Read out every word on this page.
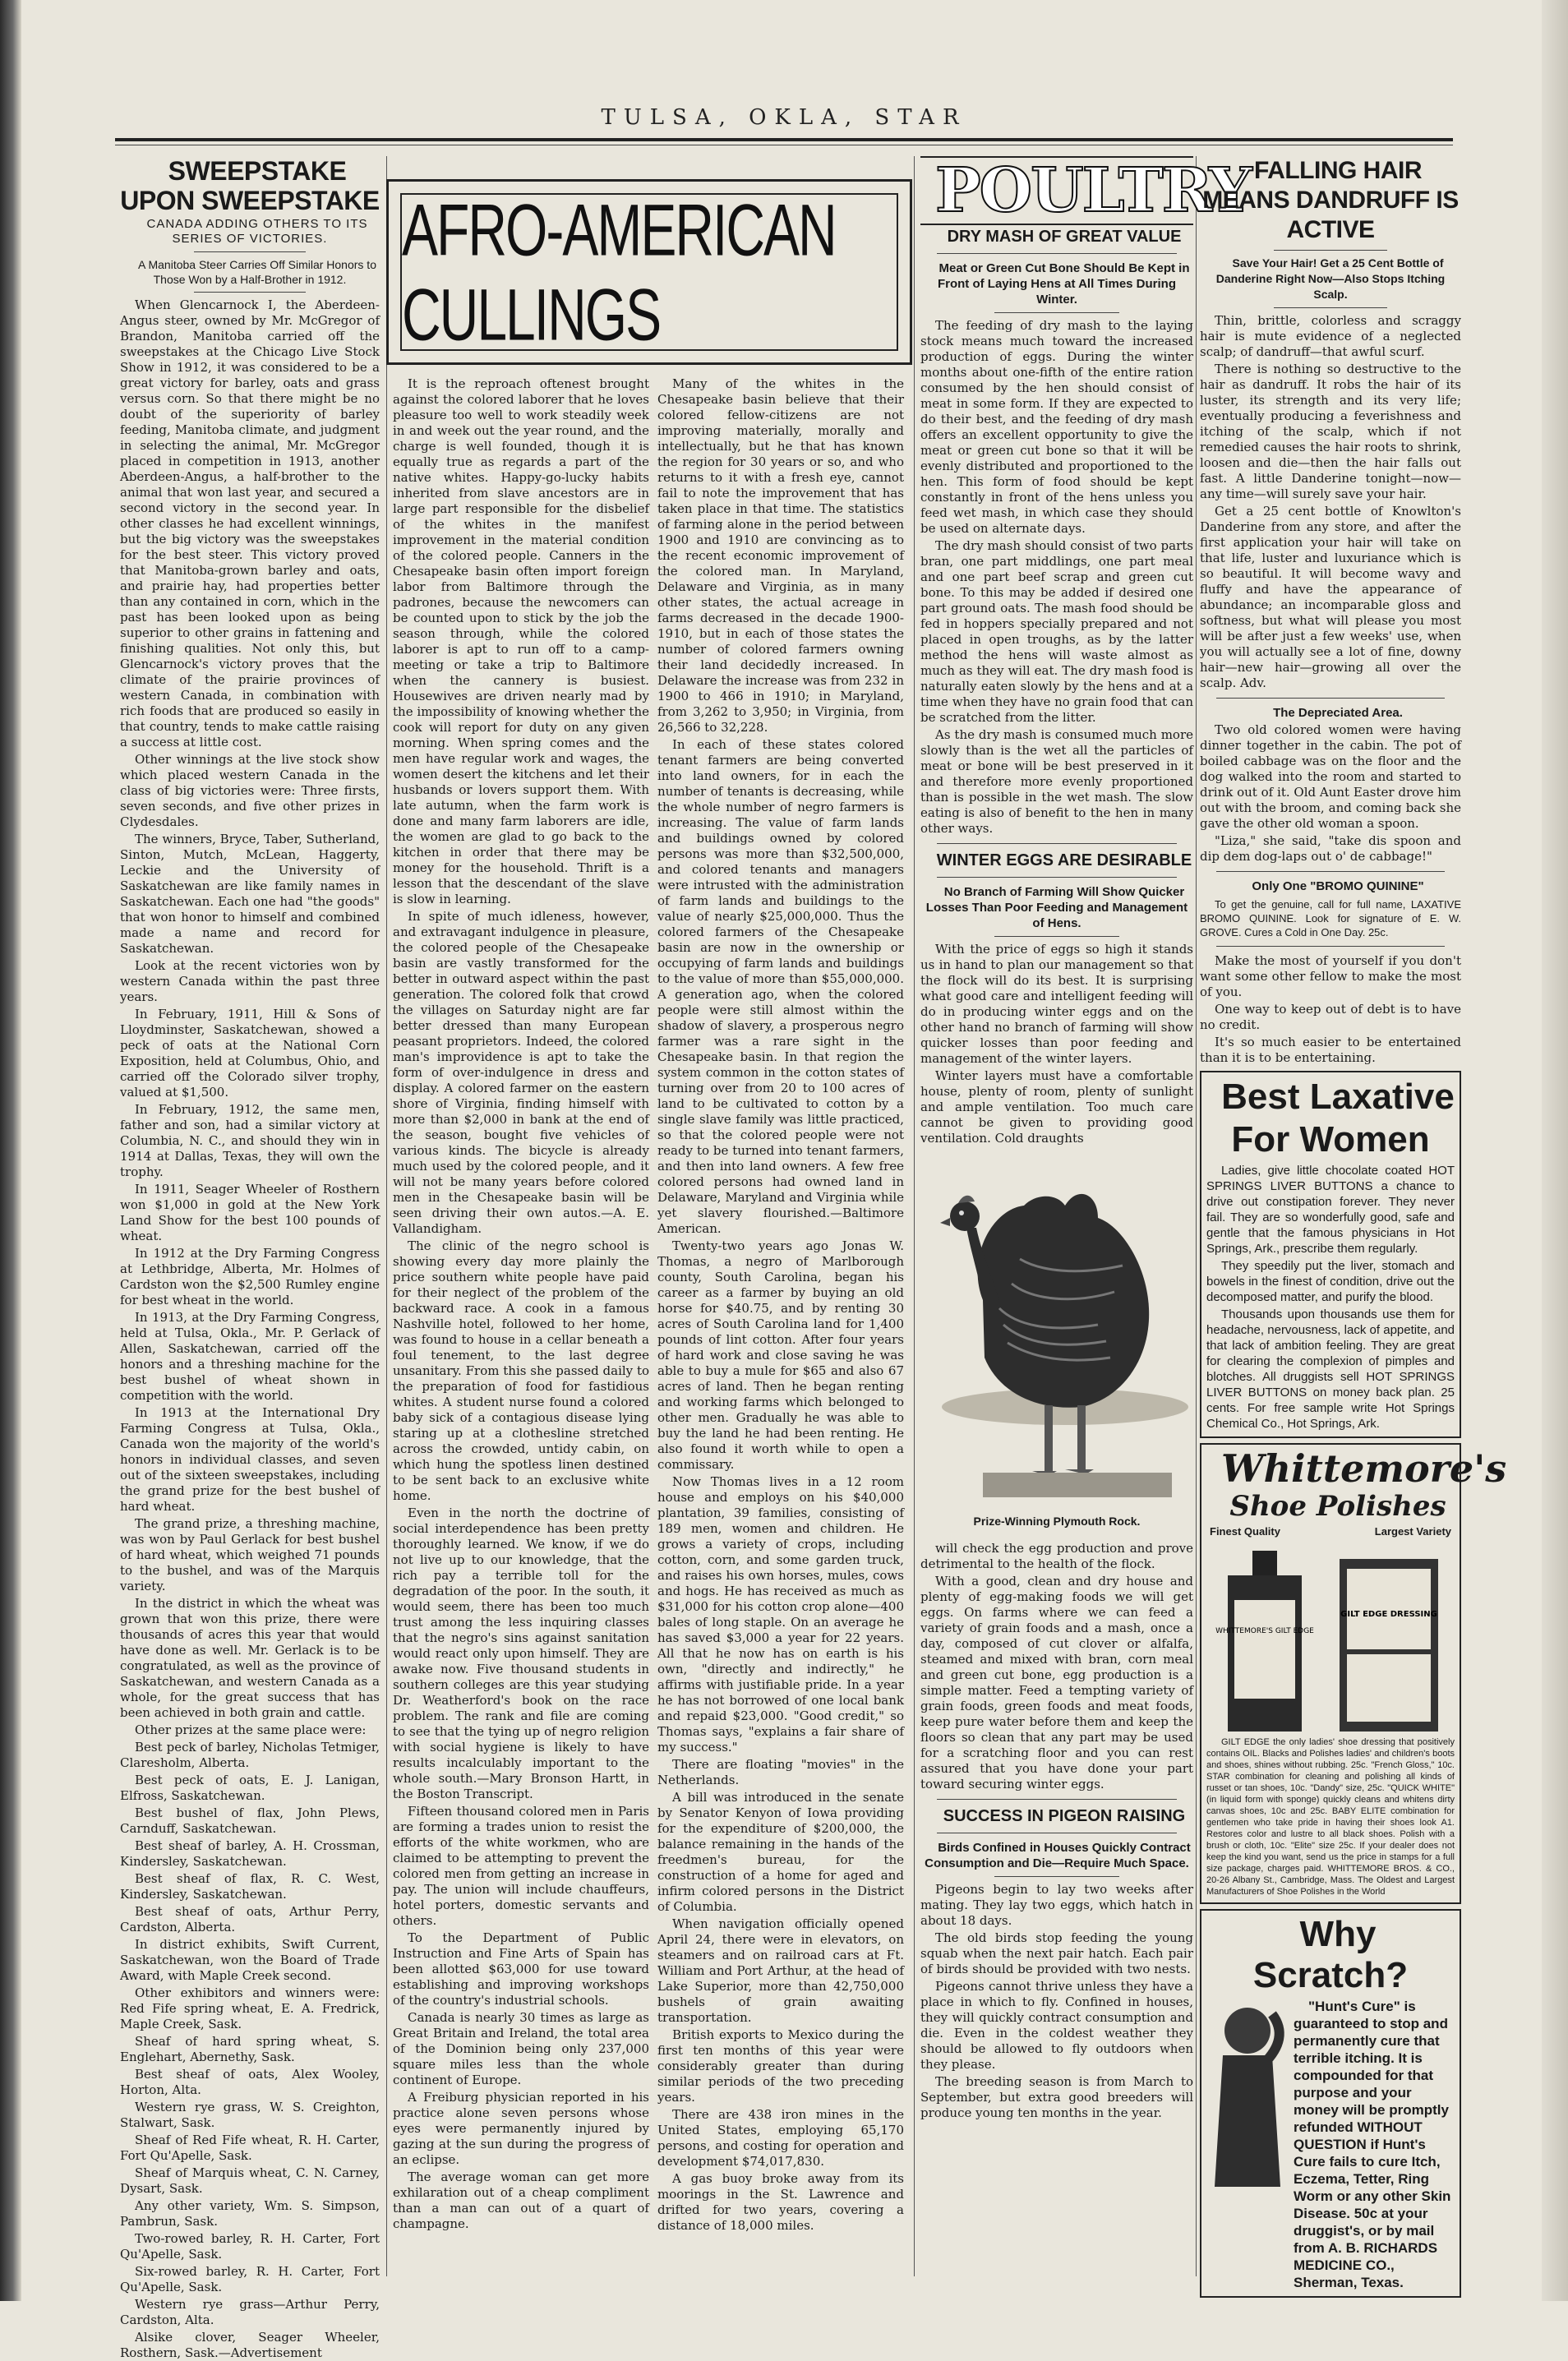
TULSA, OKLA, STAR

SWEEPSTAKE UPON SWEEPSTAKE

CANADA ADDING OTHERS TO ITS SERIES OF VICTORIES.

A Manitoba Steer Carries Off Similar Honors to Those Won by a Half-Brother in 1912.

When Glencarnock I, the Aberdeen-Angus steer, owned by Mr. McGregor of Brandon, Manitoba carried off the sweepstakes at the Chicago Live Stock Show in 1912, it was considered to be a great victory for barley, oats and grass versus corn. So that there might be no doubt of the superiority of barley feeding, Manitoba climate, and judgment in selecting the animal, Mr. McGregor placed in competition in 1913, another Aberdeen-Angus, a half-brother to the animal that won last year, and secured a second victory in the second year. In other classes he had excellent winnings, but the big victory was the sweepstakes for the best steer. This victory proved that Manitoba-grown barley and oats, and prairie hay, had properties better than any contained in corn, which in the past has been looked upon as being superior to other grains in fattening and finishing qualities. Not only this, but Glencarnock's victory proves that the climate of the prairie provinces of western Canada, in combination with rich foods that are produced so easily in that country, tends to make cattle raising a success at little cost.

Other winnings at the live stock show which placed western Canada in the class of big victories were: Three firsts, seven seconds, and five other prizes in Clydesdales.

The winners, Bryce, Taber, Sutherland, Sinton, Mutch, McLean, Haggerty, Leckie and the University of Saskatchewan are like family names in Saskatchewan. Each one had "the goods" that won honor to himself and combined made a name and record for Saskatchewan.

Look at the recent victories won by western Canada within the past three years.

In February, 1911, Hill & Sons of Lloydminster, Saskatchewan, showed a peck of oats at the National Corn Exposition, held at Columbus, Ohio, and carried off the Colorado silver trophy, valued at $1,500.

In February, 1912, the same men, father and son, had a similar victory at Columbia, N. C., and should they win in 1914 at Dallas, Texas, they will own the trophy.

In 1911, Seager Wheeler of Rosthern won $1,000 in gold at the New York Land Show for the best 100 pounds of wheat.

In 1912 at the Dry Farming Congress at Lethbridge, Alberta, Mr. Holmes of Cardston won the $2,500 Rumley engine for best wheat in the world.

In 1913, at the Dry Farming Congress, held at Tulsa, Okla., Mr. P. Gerlack of Allen, Saskatchewan, carried off the honors and a threshing machine for the best bushel of wheat shown in competition with the world.

In 1913 at the International Dry Farming Congress at Tulsa, Okla., Canada won the majority of the world's honors in individual classes, and seven out of the sixteen sweepstakes, including the grand prize for the best bushel of hard wheat.

The grand prize, a threshing machine, was won by Paul Gerlack for best bushel of hard wheat, which weighed 71 pounds to the bushel, and was of the Marquis variety.

In the district in which the wheat was grown that won this prize, there were thousands of acres this year that would have done as well. Mr. Gerlack is to be congratulated, as well as the province of Saskatchewan, and western Canada as a whole, for the great success that has been achieved in both grain and cattle.

Other prizes at the same place were:

Best peck of barley, Nicholas Tetmiger, Claresholm, Alberta.

Best peck of oats, E. J. Lanigan, Elfross, Saskatchewan.

Best bushel of flax, John Plews, Carnduff, Saskatchewan.

Best sheaf of barley, A. H. Crossman, Kindersley, Saskatchewan.

Best sheaf of flax, R. C. West, Kindersley, Saskatchewan.

Best sheaf of oats, Arthur Perry, Cardston, Alberta.

In district exhibits, Swift Current, Saskatchewan, won the Board of Trade Award, with Maple Creek second.

Other exhibitors and winners were: Red Fife spring wheat, E. A. Fredrick, Maple Creek, Sask.

Sheaf of hard spring wheat, S. Englehart, Abernethy, Sask.

Best sheaf of oats, Alex Wooley, Horton, Alta.

Western rye grass, W. S. Creighton, Stalwart, Sask.

Sheaf of Red Fife wheat, R. H. Carter, Fort Qu'Apelle, Sask.

Sheaf of Marquis wheat, C. N. Carney, Dysart, Sask.

Any other variety, Wm. S. Simpson, Pambrun, Sask.

Two-rowed barley, R. H. Carter, Fort Qu'Apelle, Sask.

Six-rowed barley, R. H. Carter, Fort Qu'Apelle, Sask.

Western rye grass—Arthur Perry, Cardston, Alta.

Alsike clover, Seager Wheeler, Rosthern, Sask.—Advertisement

AFRO-AMERICAN CULLINGS

It is the reproach oftenest brought against the colored laborer that he loves pleasure too well to work steadily week in and week out the year round, and the charge is well founded, though it is equally true as regards a part of the native whites. Happy-go-lucky habits inherited from slave ancestors are in large part responsible for the disbelief of the whites in the manifest improvement in the material condition of the colored people. Canners in the Chesapeake basin often import foreign labor from Baltimore through the padrones, because the newcomers can be counted upon to stick by the job the season through, while the colored laborer is apt to run off to a camp-meeting or take a trip to Baltimore when the cannery is busiest. Housewives are driven nearly mad by the impossibility of knowing whether the cook will report for duty on any given morning. When spring comes and the men have regular work and wages, the women desert the kitchens and let their husbands or lovers support them. With late autumn, when the farm work is done and many farm laborers are idle, the women are glad to go back to the kitchen in order that there may be money for the household. Thrift is a lesson that the descendant of the slave is slow in learning.

In spite of much idleness, however, and extravagant indulgence in pleasure, the colored people of the Chesapeake basin are vastly transformed for the better in outward aspect within the past generation. The colored folk that crowd the villages on Saturday night are far better dressed than many European peasant proprietors. Indeed, the colored man's improvidence is apt to take the form of over-indulgence in dress and display. A colored farmer on the eastern shore of Virginia, finding himself with more than $2,000 in bank at the end of the season, bought five vehicles of various kinds. The bicycle is already much used by the colored people, and it will not be many years before colored men in the Chesapeake basin will be seen driving their own autos.—A. E. Vallandigham.

The clinic of the negro school is showing every day more plainly the price southern white people have paid for their neglect of the problem of the backward race. A cook in a famous Nashville hotel, followed to her home, was found to house in a cellar beneath a foul tenement, to the last degree unsanitary. From this she passed daily to the preparation of food for fastidious whites. A student nurse found a colored baby sick of a contagious disease lying staring up at a clothesline stretched across the crowded, untidy cabin, on which hung the spotless linen destined to be sent back to an exclusive white home.

Even in the north the doctrine of social interdependence has been pretty thoroughly learned. We know, if we do not live up to our knowledge, that the rich pay a terrible toll for the degradation of the poor. In the south, it would seem, there has been too much trust among the less inquiring classes that the negro's sins against sanitation would react only upon himself. They are awake now. Five thousand students in southern colleges are this year studying Dr. Weatherford's book on the race problem. The rank and file are coming to see that the tying up of negro religion with social hygiene is likely to have results incalculably important to the whole south.—Mary Bronson Hartt, in the Boston Transcript.

Fifteen thousand colored men in Paris are forming a trades union to resist the efforts of the white workmen, who are claimed to be attempting to prevent the colored men from getting an increase in pay. The union will include chauffeurs, hotel porters, domestic servants and others.

To the Department of Public Instruction and Fine Arts of Spain has been allotted $63,000 for use toward establishing and improving workshops of the country's industrial schools.

Canada is nearly 30 times as large as Great Britain and Ireland, the total area of the Dominion being only 237,000 square miles less than the whole continent of Europe.

A Freiburg physician reported in his practice alone seven persons whose eyes were permanently injured by gazing at the sun during the progress of an eclipse.

The average woman can get more exhilaration out of a cheap compliment than a man can out of a quart of champagne.

Many of the whites in the Chesapeake basin believe that their colored fellow-citizens are not improving materially, morally and intellectually, but he that has known the region for 30 years or so, and who returns to it with a fresh eye, cannot fail to note the improvement that has taken place in that time. The statistics of farming alone in the period between 1900 and 1910 are convincing as to the recent economic improvement of the colored man. In Maryland, Delaware and Virginia, as in many other states, the actual acreage in farms decreased in the decade 1900-1910, but in each of those states the number of colored farmers owning their land decidedly increased. In Delaware the increase was from 232 in 1900 to 466 in 1910; in Maryland, from 3,262 to 3,950; in Virginia, from 26,566 to 32,228.

In each of these states colored tenant farmers are being converted into land owners, for in each the number of tenants is decreasing, while the whole number of negro farmers is increasing. The value of farm lands and buildings owned by colored persons was more than $32,500,000, and colored tenants and managers were intrusted with the administration of farm lands and buildings to the value of nearly $25,000,000. Thus the colored farmers of the Chesapeake basin are now in the ownership or occupying of farm lands and buildings to the value of more than $55,000,000. A generation ago, when the colored people were still almost within the shadow of slavery, a prosperous negro farmer was a rare sight in the Chesapeake basin. In that region the system common in the cotton states of turning over from 20 to 100 acres of land to be cultivated to cotton by a single slave family was little practiced, so that the colored people were not ready to be turned into tenant farmers, and then into land owners. A few free colored persons had owned land in Delaware, Maryland and Virginia while yet slavery flourished.—Baltimore American.

Twenty-two years ago Jonas W. Thomas, a negro of Marlborough county, South Carolina, began his career as a farmer by buying an old horse for $40.75, and by renting 30 acres of South Carolina land for 1,400 pounds of lint cotton. After four years of hard work and close saving he was able to buy a mule for $65 and also 67 acres of land. Then he began renting and working farms which belonged to other men. Gradually he was able to buy the land he had been renting. He also found it worth while to open a commissary.

Now Thomas lives in a 12 room house and employs on his $40,000 plantation, 39 families, consisting of 189 men, women and children. He grows a variety of crops, including cotton, corn, and some garden truck, and raises his own horses, mules, cows and hogs. He has received as much as $31,000 for his cotton crop alone—400 bales of long staple. On an average he has saved $3,000 a year for 22 years. All that he now has on earth is his own, "directly and indirectly," he affirms with justifiable pride. In a year he has not borrowed of one local bank and repaid $23,000. "Good credit," so Thomas says, "explains a fair share of my success."

There are floating "movies" in the Netherlands.

A bill was introduced in the senate by Senator Kenyon of Iowa providing for the expenditure of $200,000, the balance remaining in the hands of the freedmen's bureau, for the construction of a home for aged and infirm colored persons in the District of Columbia.

When navigation officially opened April 24, there were in elevators, on steamers and on railroad cars at Ft. William and Port Arthur, at the head of Lake Superior, more than 42,750,000 bushels of grain awaiting transportation.

British exports to Mexico during the first ten months of this year were considerably greater than during similar periods of the two preceding years.

There are 438 iron mines in the United States, employing 65,170 persons, and costing for operation and development $74,017,830.

A gas buoy broke away from its moorings in the St. Lawrence and drifted for two years, covering a distance of 18,000 miles.

POULTRY

DRY MASH OF GREAT VALUE

Meat or Green Cut Bone Should Be Kept in Front of Laying Hens at All Times During Winter.

The feeding of dry mash to the laying stock means much toward the increased production of eggs. During the winter months about one-fifth of the entire ration consumed by the hen should consist of meat in some form. If they are expected to do their best, and the feeding of dry mash offers an excellent opportunity to give the meat or green cut bone so that it will be evenly distributed and proportioned to the hen. This form of food should be kept constantly in front of the hens unless you feed wet mash, in which case they should be used on alternate days.

The dry mash should consist of two parts bran, one part middlings, one part meal and one part beef scrap and green cut bone. To this may be added if desired one part ground oats. The mash food should be fed in hoppers specially prepared and not placed in open troughs, as by the latter method the hens will waste almost as much as they will eat. The dry mash food is naturally eaten slowly by the hens and at a time when they have no grain food that can be scratched from the litter.

As the dry mash is consumed much more slowly than is the wet all the particles of meat or bone will be best preserved in it and therefore more evenly proportioned than is possible in the wet mash. The slow eating is also of benefit to the hen in many other ways.

WINTER EGGS ARE DESIRABLE

No Branch of Farming Will Show Quicker Losses Than Poor Feeding and Management of Hens.

With the price of eggs so high it stands us in hand to plan our management so that the flock will do its best. It is surprising what good care and intelligent feeding will do in producing winter eggs and on the other hand no branch of farming will show quicker losses than poor feeding and management of the winter layers.

Winter layers must have a comfortable house, plenty of room, plenty of sunlight and ample ventilation. Too much care cannot be given to providing good ventilation. Cold draughts

Prize-Winning Plymouth Rock.

will check the egg production and prove detrimental to the health of the flock.

With a good, clean and dry house and plenty of egg-making foods we will get eggs. On farms where we can feed a variety of grain foods and a mash, once a day, composed of cut clover or alfalfa, steamed and mixed with bran, corn meal and green cut bone, egg production is a simple matter. Feed a tempting variety of grain foods, green foods and meat foods, keep pure water before them and keep the floors so clean that any part may be used for a scratching floor and you can rest assured that you have done your part toward securing winter eggs.

SUCCESS IN PIGEON RAISING

Birds Confined in Houses Quickly Contract Consumption and Die—Require Much Space.

Pigeons begin to lay two weeks after mating. They lay two eggs, which hatch in about 18 days.

The old birds stop feeding the young squab when the next pair hatch. Each pair of birds should be provided with two nests.

Pigeons cannot thrive unless they have a place in which to fly. Confined in houses, they will quickly contract consumption and die. Even in the coldest weather they should be allowed to fly outdoors when they please.

The breeding season is from March to September, but extra good breeders will produce young ten months in the year.

FALLING HAIR MEANS DANDRUFF IS ACTIVE

Save Your Hair! Get a 25 Cent Bottle of Danderine Right Now—Also Stops Itching Scalp.

Thin, brittle, colorless and scraggy hair is mute evidence of a neglected scalp; of dandruff—that awful scurf.

There is nothing so destructive to the hair as dandruff. It robs the hair of its luster, its strength and its very life; eventually producing a feverishness and itching of the scalp, which if not remedied causes the hair roots to shrink, loosen and die—then the hair falls out fast. A little Danderine tonight—now—any time—will surely save your hair.

Get a 25 cent bottle of Knowlton's Danderine from any store, and after the first application your hair will take on that life, luster and luxuriance which is so beautiful. It will become wavy and fluffy and have the appearance of abundance; an incomparable gloss and softness, but what will please you most will be after just a few weeks' use, when you will actually see a lot of fine, downy hair—new hair—growing all over the scalp. Adv.

The Depreciated Area.

Two old colored women were having dinner together in the cabin. The pot of boiled cabbage was on the floor and the dog walked into the room and started to drink out of it. Old Aunt Easter drove him out with the broom, and coming back she gave the other old woman a spoon.

"Liza," she said, "take dis spoon and dip dem dog-laps out o' de cabbage!"

Only One "BROMO QUININE"

To get the genuine, call for full name, LAXATIVE BROMO QUININE. Look for signature of E. W. GROVE. Cures a Cold in One Day. 25c.

Make the most of yourself if you don't want some other fellow to make the most of you.

One way to keep out of debt is to have no credit.

It's so much easier to be entertained than it is to be entertaining.

Best Laxative For Women

Ladies, give little chocolate coated HOT SPRINGS LIVER BUTTONS a chance to drive out constipation forever. They never fail. They are so wonderfully good, safe and gentle that the famous physicians in Hot Springs, Ark., prescribe them regularly.

They speedily put the liver, stomach and bowels in the finest of condition, drive out the decomposed matter, and purify the blood.

Thousands upon thousands use them for headache, nervousness, lack of appetite, and that lack of ambition feeling. They are great for clearing the complexion of pimples and blotches. All druggists sell HOT SPRINGS LIVER BUTTONS on money back plan. 25 cents. For free sample write Hot Springs Chemical Co., Hot Springs, Ark.

Whittemore's

Shoe Polishes

Finest Quality	Largest Variety
WHITTEMORE'S GILT EDGE
GILT EDGE DRESSING

GILT EDGE the only ladies' shoe dressing that positively contains OIL. Blacks and Polishes ladies' and children's boots and shoes, shines without rubbing. 25c. "French Gloss," 10c. STAR combination for cleaning and polishing all kinds of russet or tan shoes, 10c. "Dandy" size, 25c. "QUICK WHITE" (in liquid form with sponge) quickly cleans and whitens dirty canvas shoes, 10c and 25c. BABY ELITE combination for gentlemen who take pride in having their shoes look A1. Restores color and lustre to all black shoes. Polish with a brush or cloth, 10c. "Elite" size 25c. If your dealer does not keep the kind you want, send us the price in stamps for a full size package, charges paid. WHITTEMORE BROS. & CO., 20-26 Albany St., Cambridge, Mass. The Oldest and Largest Manufacturers of Shoe Polishes in the World

Why Scratch?

"Hunt's Cure" is guaranteed to stop and permanently cure that terrible itching. It is compounded for that purpose and your money will be promptly refunded WITHOUT QUESTION if Hunt's Cure fails to cure Itch, Eczema, Tetter, Ring Worm or any other Skin Disease. 50c at your druggist's, or by mail from A. B. RICHARDS MEDICINE CO., Sherman, Texas.
